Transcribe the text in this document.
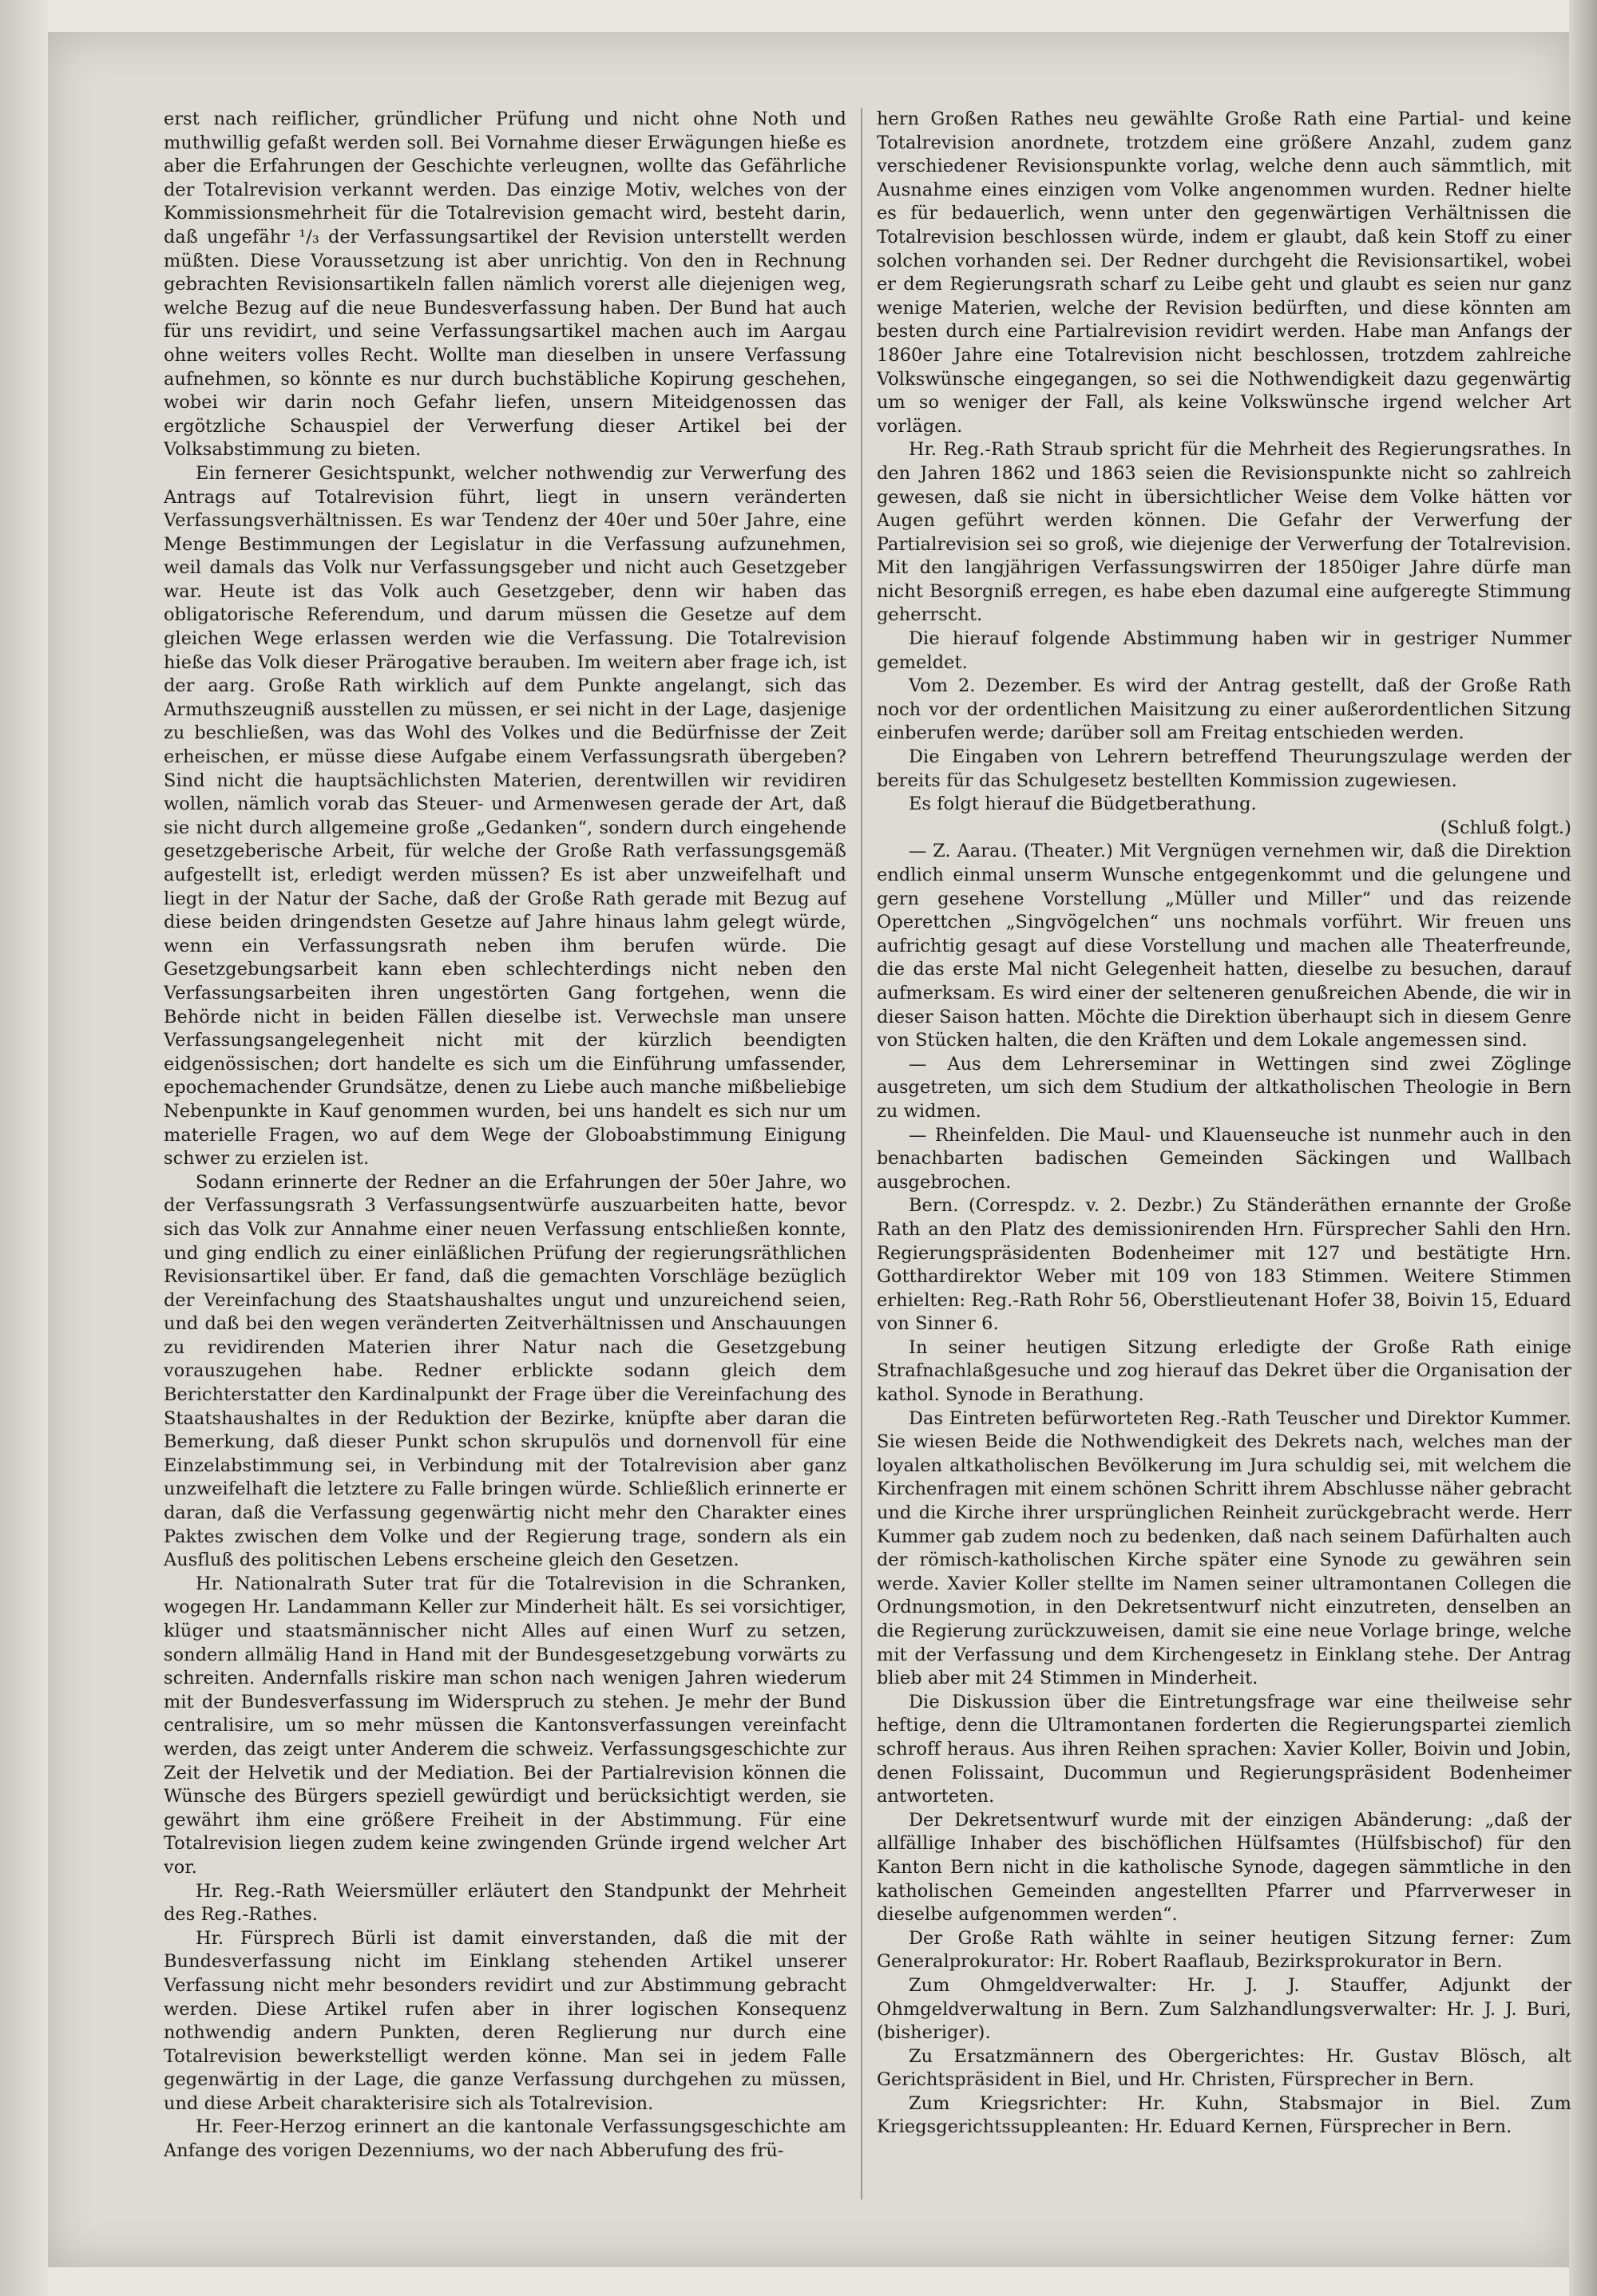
erst nach reiflicher, gründlicher Prüfung und nicht ohne Noth und muthwillig gefaßt werden soll. Bei Vornahme dieser Erwägungen hieße es aber die Erfahrungen der Geschichte verleugnen, wollte das Gefährliche der Totalrevision verkannt werden. Das einzige Motiv, welches von der Kommissionsmehrheit für die Totalrevision gemacht wird, besteht darin, daß ungefähr ¹/₃ der Verfassungsartikel der Revision unterstellt werden müßten. Diese Voraussetzung ist aber unrichtig. Von den in Rechnung gebrachten Revisionsartikeln fallen nämlich vorerst alle diejenigen weg, welche Bezug auf die neue Bundesverfassung haben. Der Bund hat auch für uns revidirt, und seine Verfassungsartikel machen auch im Aargau ohne weiters volles Recht. Wollte man dieselben in unsere Verfassung aufnehmen, so könnte es nur durch buchstäbliche Kopirung geschehen, wobei wir darin noch Gefahr liefen, unsern Miteidgenossen das ergötzliche Schauspiel der Verwerfung dieser Artikel bei der Volksabstimmung zu bieten.

Ein fernerer Gesichtspunkt, welcher nothwendig zur Verwerfung des Antrags auf Totalrevision führt, liegt in unsern veränderten Verfassungsverhältnissen. Es war Tendenz der 40er und 50er Jahre, eine Menge Bestimmungen der Legislatur in die Verfassung aufzunehmen, weil damals das Volk nur Verfassungsgeber und nicht auch Gesetzgeber war. Heute ist das Volk auch Gesetzgeber, denn wir haben das obligatorische Referendum, und darum müssen die Gesetze auf dem gleichen Wege erlassen werden wie die Verfassung. Die Totalrevision hieße das Volk dieser Prärogative berauben. Im weitern aber frage ich, ist der aarg. Große Rath wirklich auf dem Punkte angelangt, sich das Armuthszeugniß ausstellen zu müssen, er sei nicht in der Lage, dasjenige zu beschließen, was das Wohl des Volkes und die Bedürfnisse der Zeit erheischen, er müsse diese Aufgabe einem Verfassungsrath übergeben? Sind nicht die hauptsächlichsten Materien, derentwillen wir revidiren wollen, nämlich vorab das Steuer- und Armenwesen gerade der Art, daß sie nicht durch allgemeine große „Gedanken“, sondern durch eingehende gesetzgeberische Arbeit, für welche der Große Rath verfassungsgemäß aufgestellt ist, erledigt werden müssen? Es ist aber unzweifelhaft und liegt in der Natur der Sache, daß der Große Rath gerade mit Bezug auf diese beiden dringendsten Gesetze auf Jahre hinaus lahm gelegt würde, wenn ein Verfassungsrath neben ihm berufen würde. Die Gesetzgebungsarbeit kann eben schlechterdings nicht neben den Verfassungsarbeiten ihren ungestörten Gang fortgehen, wenn die Behörde nicht in beiden Fällen dieselbe ist. Verwechsle man unsere Verfassungsangelegenheit nicht mit der kürzlich beendigten eidgenössischen; dort handelte es sich um die Einführung umfassender, epochemachender Grundsätze, denen zu Liebe auch manche mißbeliebige Nebenpunkte in Kauf genommen wurden, bei uns handelt es sich nur um materielle Fragen, wo auf dem Wege der Globoabstimmung Einigung schwer zu erzielen ist.

Sodann erinnerte der Redner an die Erfahrungen der 50er Jahre, wo der Verfassungsrath 3 Verfassungsentwürfe auszuarbeiten hatte, bevor sich das Volk zur Annahme einer neuen Verfassung entschließen konnte, und ging endlich zu einer einläßlichen Prüfung der regierungsräthlichen Revisionsartikel über. Er fand, daß die gemachten Vorschläge bezüglich der Vereinfachung des Staatshaushaltes ungut und unzureichend seien, und daß bei den wegen veränderten Zeitverhältnissen und Anschauungen zu revidirenden Materien ihrer Natur nach die Gesetzgebung vorauszugehen habe. Redner erblickte sodann gleich dem Berichterstatter den Kardinalpunkt der Frage über die Vereinfachung des Staatshaushaltes in der Reduktion der Bezirke, knüpfte aber daran die Bemerkung, daß dieser Punkt schon skrupulös und dornenvoll für eine Einzelabstimmung sei, in Verbindung mit der Totalrevision aber ganz unzweifelhaft die letztere zu Falle bringen würde. Schließlich erinnerte er daran, daß die Verfassung gegenwärtig nicht mehr den Charakter eines Paktes zwischen dem Volke und der Regierung trage, sondern als ein Ausfluß des politischen Lebens erscheine gleich den Gesetzen.

Hr. Nationalrath Suter trat für die Totalrevision in die Schranken, wogegen Hr. Landammann Keller zur Minderheit hält. Es sei vorsichtiger, klüger und staatsmännischer nicht Alles auf einen Wurf zu setzen, sondern allmälig Hand in Hand mit der Bundesgesetzgebung vorwärts zu schreiten. Andernfalls riskire man schon nach wenigen Jahren wiederum mit der Bundesverfassung im Widerspruch zu stehen. Je mehr der Bund centralisire, um so mehr müssen die Kantonsverfassungen vereinfacht werden, das zeigt unter Anderem die schweiz. Verfassungsgeschichte zur Zeit der Helvetik und der Mediation. Bei der Partialrevision können die Wünsche des Bürgers speziell gewürdigt und berücksichtigt werden, sie gewährt ihm eine größere Freiheit in der Abstimmung. Für eine Totalrevision liegen zudem keine zwingenden Gründe irgend welcher Art vor.

Hr. Reg.-Rath Weiersmüller erläutert den Standpunkt der Mehrheit des Reg.-Rathes.

Hr. Fürsprech Bürli ist damit einverstanden, daß die mit der Bundesverfassung nicht im Einklang stehenden Artikel unserer Verfassung nicht mehr besonders revidirt und zur Abstimmung gebracht werden. Diese Artikel rufen aber in ihrer logischen Konsequenz nothwendig andern Punkten, deren Reglierung nur durch eine Totalrevision bewerkstelligt werden könne. Man sei in jedem Falle gegenwärtig in der Lage, die ganze Verfassung durchgehen zu müssen, und diese Arbeit charakterisire sich als Totalrevision.

Hr. Feer-Herzog erinnert an die kantonale Verfassungsgeschichte am Anfange des vorigen Dezenniums, wo der nach Abberufung des frü-

hern Großen Rathes neu gewählte Große Rath eine Partial- und keine Totalrevision anordnete, trotzdem eine größere Anzahl, zudem ganz verschiedener Revisionspunkte vorlag, welche denn auch sämmtlich, mit Ausnahme eines einzigen vom Volke angenommen wurden. Redner hielte es für bedauerlich, wenn unter den gegenwärtigen Verhältnissen die Totalrevision beschlossen würde, indem er glaubt, daß kein Stoff zu einer solchen vorhanden sei. Der Redner durchgeht die Revisionsartikel, wobei er dem Regierungsrath scharf zu Leibe geht und glaubt es seien nur ganz wenige Materien, welche der Revision bedürften, und diese könnten am besten durch eine Partialrevision revidirt werden. Habe man Anfangs der 1860er Jahre eine Totalrevision nicht beschlossen, trotzdem zahlreiche Volkswünsche eingegangen, so sei die Nothwendigkeit dazu gegenwärtig um so weniger der Fall, als keine Volkswünsche irgend welcher Art vorlägen.

Hr. Reg.-Rath Straub spricht für die Mehrheit des Regierungsrathes. In den Jahren 1862 und 1863 seien die Revisionspunkte nicht so zahlreich gewesen, daß sie nicht in übersichtlicher Weise dem Volke hätten vor Augen geführt werden können. Die Gefahr der Verwerfung der Partialrevision sei so groß, wie diejenige der Verwerfung der Totalrevision. Mit den langjährigen Verfassungswirren der 1850iger Jahre dürfe man nicht Besorgniß erregen, es habe eben dazumal eine aufgeregte Stimmung geherrscht.

Die hierauf folgende Abstimmung haben wir in gestriger Nummer gemeldet.

Vom 2. Dezember. Es wird der Antrag gestellt, daß der Große Rath noch vor der ordentlichen Maisitzung zu einer außerordentlichen Sitzung einberufen werde; darüber soll am Freitag entschieden werden.

Die Eingaben von Lehrern betreffend Theurungszulage werden der bereits für das Schulgesetz bestellten Kommission zugewiesen.

Es folgt hierauf die Büdgetberathung.

(Schluß folgt.)

— Z. Aarau. (Theater.) Mit Vergnügen vernehmen wir, daß die Direktion endlich einmal unserm Wunsche entgegenkommt und die gelungene und gern gesehene Vorstellung „Müller und Miller“ und das reizende Operettchen „Singvögelchen“ uns nochmals vorführt. Wir freuen uns aufrichtig gesagt auf diese Vorstellung und machen alle Theaterfreunde, die das erste Mal nicht Gelegenheit hatten, dieselbe zu besuchen, darauf aufmerksam. Es wird einer der selteneren genußreichen Abende, die wir in dieser Saison hatten. Möchte die Direktion überhaupt sich in diesem Genre von Stücken halten, die den Kräften und dem Lokale angemessen sind.

— Aus dem Lehrerseminar in Wettingen sind zwei Zöglinge ausgetreten, um sich dem Studium der altkatholischen Theologie in Bern zu widmen.

— Rheinfelden. Die Maul- und Klauenseuche ist nunmehr auch in den benachbarten badischen Gemeinden Säckingen und Wallbach ausgebrochen.

Bern. (Correspdz. v. 2. Dezbr.) Zu Ständeräthen ernannte der Große Rath an den Platz des demissionirenden Hrn. Fürsprecher Sahli den Hrn. Regierungspräsidenten Bodenheimer mit 127 und bestätigte Hrn. Gotthardirektor Weber mit 109 von 183 Stimmen. Weitere Stimmen erhielten: Reg.-Rath Rohr 56, Oberstlieutenant Hofer 38, Boivin 15, Eduard von Sinner 6.

In seiner heutigen Sitzung erledigte der Große Rath einige Strafnachlaßgesuche und zog hierauf das Dekret über die Organisation der kathol. Synode in Berathung.

Das Eintreten befürworteten Reg.-Rath Teuscher und Direktor Kummer. Sie wiesen Beide die Nothwendigkeit des Dekrets nach, welches man der loyalen altkatholischen Bevölkerung im Jura schuldig sei, mit welchem die Kirchenfragen mit einem schönen Schritt ihrem Abschlusse näher gebracht und die Kirche ihrer ursprünglichen Reinheit zurückgebracht werde. Herr Kummer gab zudem noch zu bedenken, daß nach seinem Dafürhalten auch der römisch-katholischen Kirche später eine Synode zu gewähren sein werde. Xavier Koller stellte im Namen seiner ultramontanen Collegen die Ordnungsmotion, in den Dekretsentwurf nicht einzutreten, denselben an die Regierung zurückzuweisen, damit sie eine neue Vorlage bringe, welche mit der Verfassung und dem Kirchengesetz in Einklang stehe. Der Antrag blieb aber mit 24 Stimmen in Minderheit.

Die Diskussion über die Eintretungsfrage war eine theilweise sehr heftige, denn die Ultramontanen forderten die Regierungspartei ziemlich schroff heraus. Aus ihren Reihen sprachen: Xavier Koller, Boivin und Jobin, denen Folissaint, Ducommun und Regierungspräsident Bodenheimer antworteten.

Der Dekretsentwurf wurde mit der einzigen Abänderung: „daß der allfällige Inhaber des bischöflichen Hülfsamtes (Hülfsbischof) für den Kanton Bern nicht in die katholische Synode, dagegen sämmtliche in den katholischen Gemeinden angestellten Pfarrer und Pfarrverweser in dieselbe aufgenommen werden“.

Der Große Rath wählte in seiner heutigen Sitzung ferner: Zum Generalprokurator: Hr. Robert Raaflaub, Bezirksprokurator in Bern.

Zum Ohmgeldverwalter: Hr. J. J. Stauffer, Adjunkt der Ohmgeldverwaltung in Bern. Zum Salzhandlungsverwalter: Hr. J. J. Buri, (bisheriger).

Zu Ersatzmännern des Obergerichtes: Hr. Gustav Blösch, alt Gerichtspräsident in Biel, und Hr. Christen, Fürsprecher in Bern.

Zum Kriegsrichter: Hr. Kuhn, Stabsmajor in Biel. Zum Kriegsgerichtssuppleanten: Hr. Eduard Kernen, Fürsprecher in Bern.
